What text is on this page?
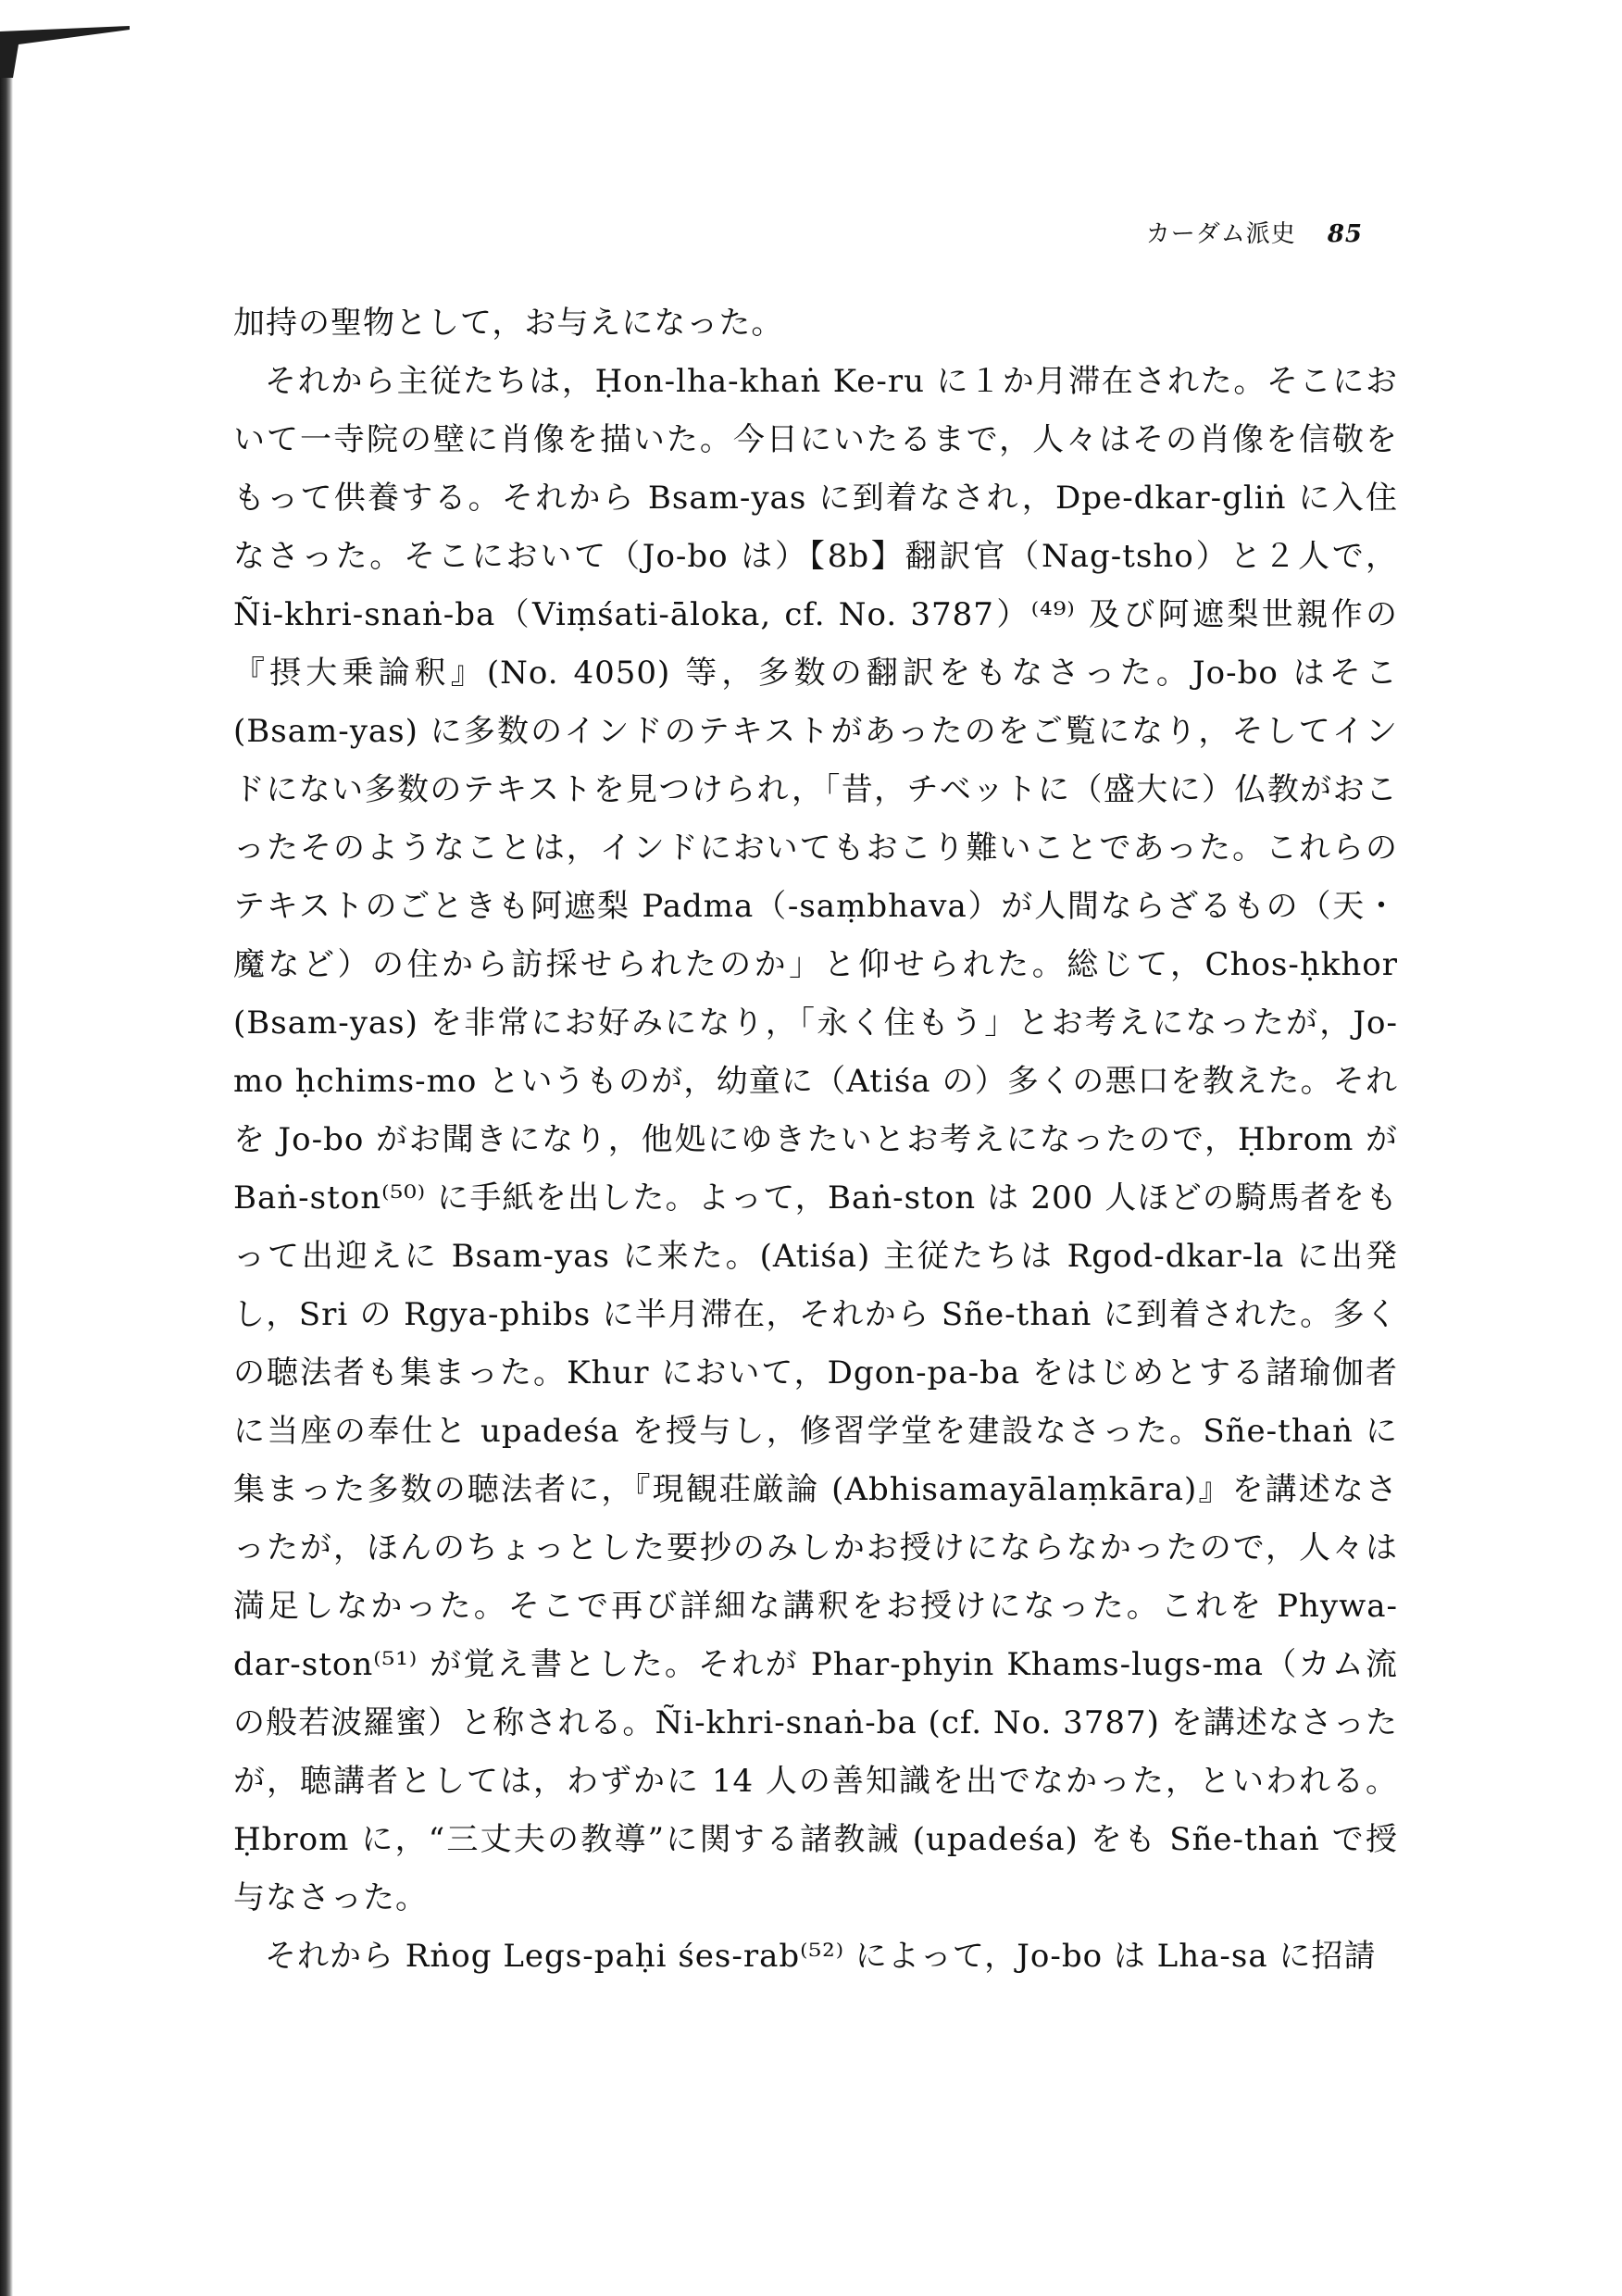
カーダム派史 85

加持の聖物として，お与えになった。

それから主従たちは，Ḥon-lha-khaṅ Ke-ru に１か月滞在された。そこにおいて一寺院の壁に肖像を描いた。今日にいたるまで，人々はその肖像を信敬をもって供養する。それから Bsam-yas に到着なされ，Dpe-dkar-gliṅ に入住なさった。そこにおいて（Jo-bo は）【8b】翻訳官（Nag-tsho）と２人で，Ñi-khri-snaṅ-ba（Viṃśati-āloka, cf. No. 3787）⁽⁴⁹⁾ 及び阿遮梨世親作の『摂大乗論釈』(No. 4050) 等，多数の翻訳をもなさった。Jo-bo はそこ (Bsam-yas) に多数のインドのテキストがあったのをご覧になり，そしてインドにない多数のテキストを見つけられ，「昔，チベットに（盛大に）仏教がおこったそのようなことは，インドにおいてもおこり難いことであった。これらのテキストのごときも阿遮梨 Padma（-saṃbhava）が人間ならざるもの（天・魔など）の住から訪採せられたのか」と仰せられた。総じて，Chos-ḥkhor (Bsam-yas) を非常にお好みになり，「永く住もう」とお考えになったが，Jo-mo ḥchims-mo というものが，幼童に（Atiśa の）多くの悪口を教えた。それを Jo-bo がお聞きになり，他処にゆきたいとお考えになったので，Ḥbrom が Baṅ-ston⁽⁵⁰⁾ に手紙を出した。よって，Baṅ-ston は 200 人ほどの騎馬者をもって出迎えに Bsam-yas に来た。(Atiśa) 主従たちは Rgod-dkar-la に出発し，Sri の Rgya-phibs に半月滞在，それから Sñe-thaṅ に到着された。多くの聴法者も集まった。Khur において，Dgon-pa-ba をはじめとする諸瑜伽者に当座の奉仕と upadeśa を授与し，修習学堂を建設なさった。Sñe-thaṅ に集まった多数の聴法者に，『現観荘厳論 (Abhisamayālaṃkāra)』を講述なさったが，ほんのちょっとした要抄のみしかお授けにならなかったので，人々は満足しなかった。そこで再び詳細な講釈をお授けになった。これを Phywa-dar-ston⁽⁵¹⁾ が覚え書とした。それが Phar-phyin Khams-lugs-ma（カム流の般若波羅蜜）と称される。Ñi-khri-snaṅ-ba (cf. No. 3787) を講述なさったが，聴講者としては，わずかに 14 人の善知識を出でなかった，といわれる。Ḥbrom に，“三丈夫の教導”に関する諸教誡 (upadeśa) をも Sñe-thaṅ で授与なさった。

それから Rṅog Legs-paḥi śes-rab⁽⁵²⁾ によって，Jo-bo は Lha-sa に招請
